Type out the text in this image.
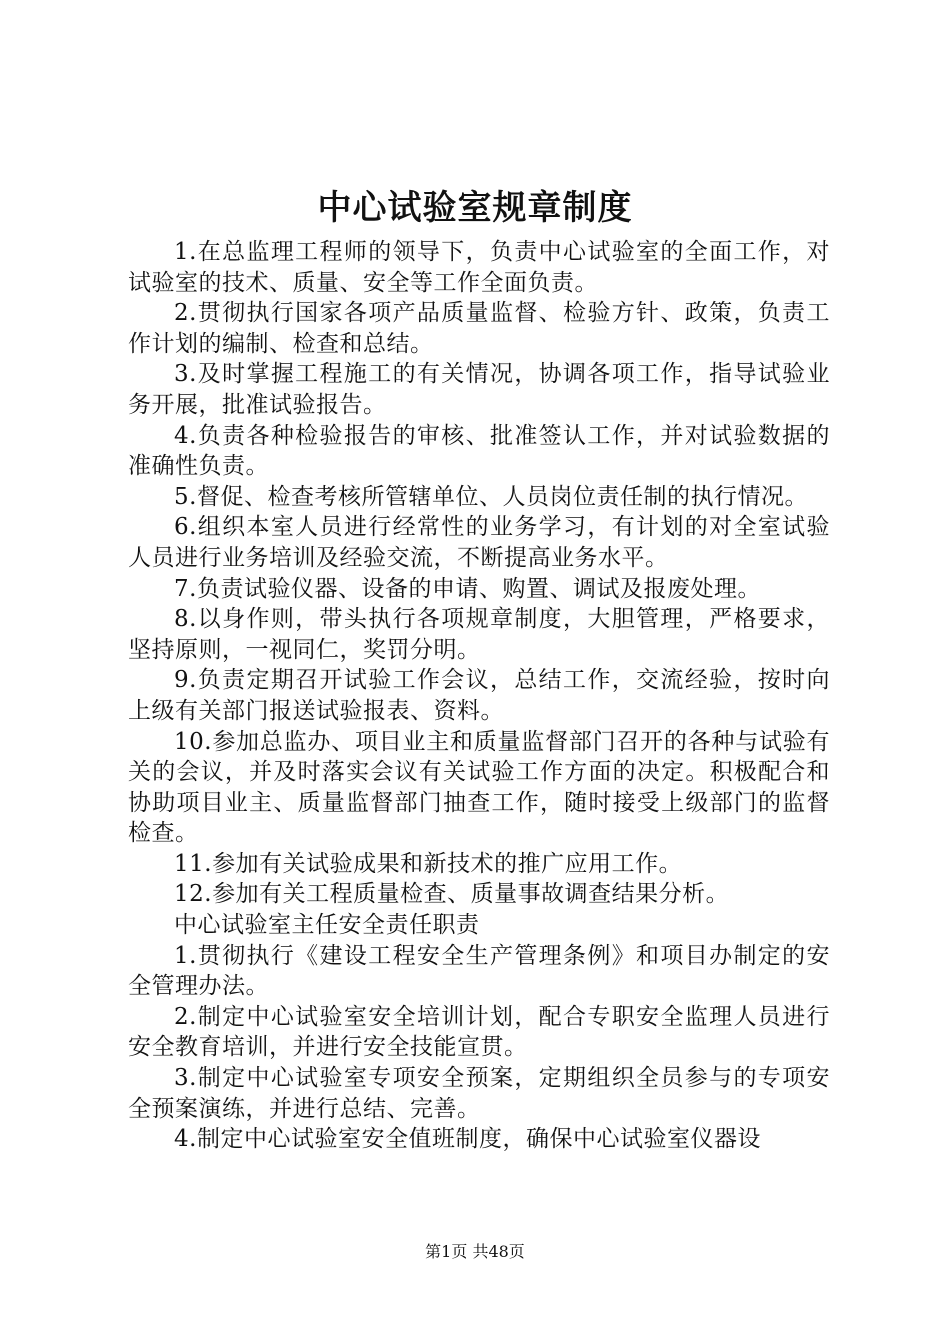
中心试验室规章制度

1.在总监理工程师的领导下，负责中心试验室的全面工作，对试验室的技术、质量、安全等工作全面负责。

2.贯彻执行国家各项产品质量监督、检验方针、政策，负责工作计划的编制、检查和总结。

3.及时掌握工程施工的有关情况，协调各项工作，指导试验业务开展，批准试验报告。

4.负责各种检验报告的审核、批准签认工作，并对试验数据的准确性负责。

5.督促、检查考核所管辖单位、人员岗位责任制的执行情况。

6.组织本室人员进行经常性的业务学习，有计划的对全室试验人员进行业务培训及经验交流，不断提高业务水平。

7.负责试验仪器、设备的申请、购置、调试及报废处理。

8.以身作则，带头执行各项规章制度，大胆管理，严格要求，坚持原则，一视同仁，奖罚分明。

9.负责定期召开试验工作会议，总结工作，交流经验，按时向上级有关部门报送试验报表、资料。

10.参加总监办、项目业主和质量监督部门召开的各种与试验有关的会议，并及时落实会议有关试验工作方面的决定。积极配合和协助项目业主、质量监督部门抽查工作，随时接受上级部门的监督检查。

11.参加有关试验成果和新技术的推广应用工作。

12.参加有关工程质量检查、质量事故调查结果分析。

中心试验室主任安全责任职责

1.贯彻执行《建设工程安全生产管理条例》和项目办制定的安全管理办法。

2.制定中心试验室安全培训计划，配合专职安全监理人员进行安全教育培训，并进行安全技能宣贯。

3.制定中心试验室专项安全预案，定期组织全员参与的专项安全预案演练，并进行总结、完善。

4.制定中心试验室安全值班制度，确保中心试验室仪器设

第1页 共48页
